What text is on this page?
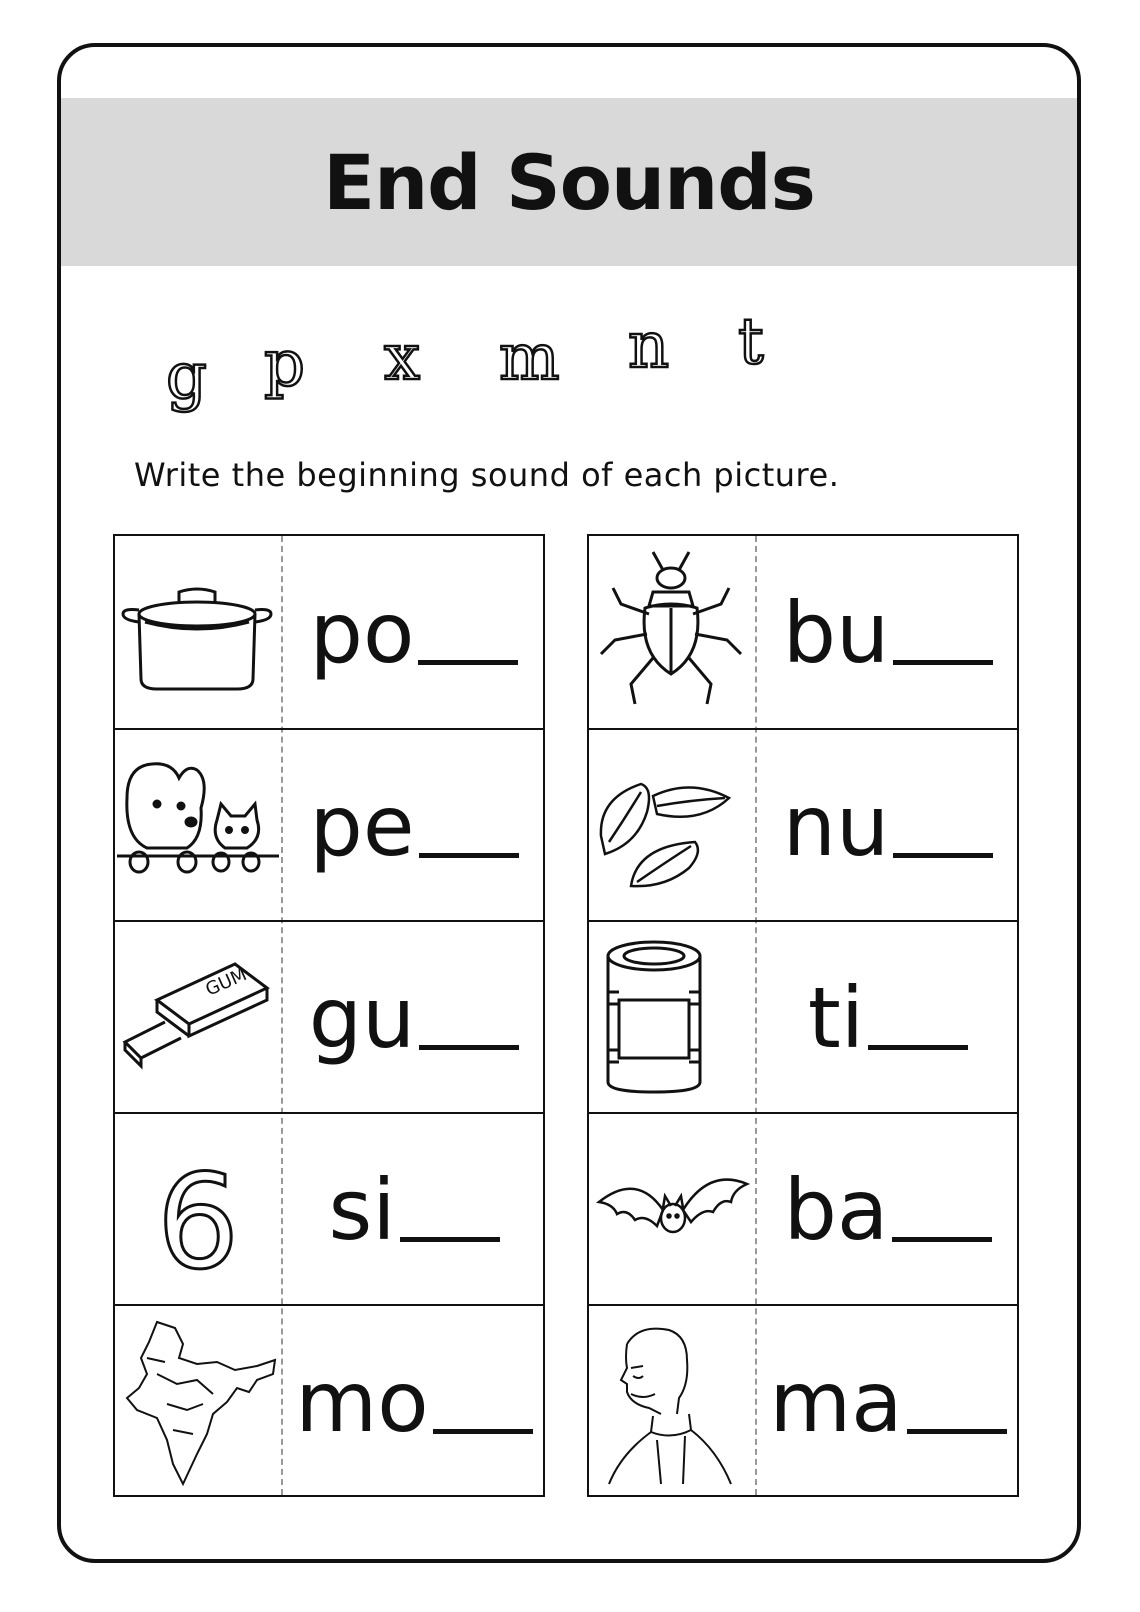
End Sounds
g p x m n t
Write the beginning sound of each picture.
po
pe
GUM gu
6 si
mo
bu
nu
ti
ba
ma
